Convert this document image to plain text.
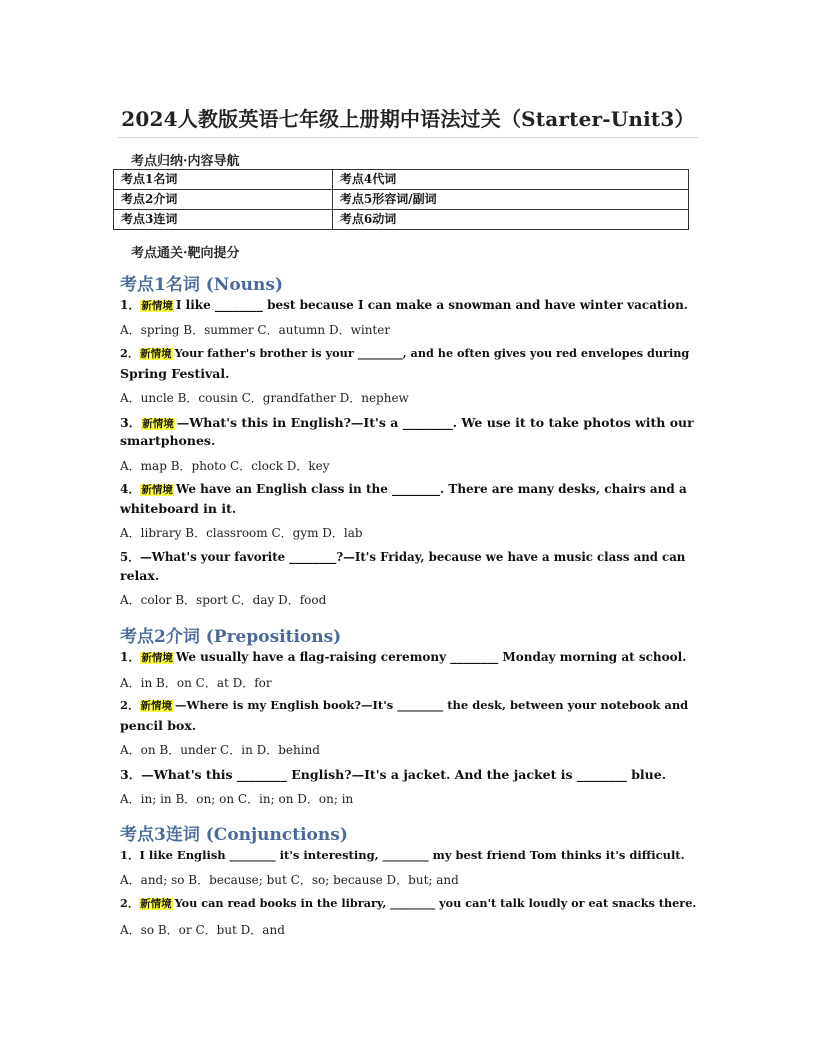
2024人教版英语七年级上册期中语法过关（Starter-Unit3）
考点归纳·内容导航
考点1名词	考点4代词
考点2介词	考点5形容词/副词
考点3连词	考点6动词
考点通关·靶向提分
考点1名词 (Nouns)
1．新情境 I like ________ best because I can make a snowman and have winter vacation.
A．spring B．summer C．autumn D．winter
2．新情境 Your father's brother is your ________, and he often gives you red envelopes during
Spring Festival.
A．uncle B．cousin C．grandfather D．nephew
3．新情境 —What's this in English?—It's a ________. We use it to take photos with our
smartphones.
A．map B．photo C．clock D．key
4．新情境 We have an English class in the ________. There are many desks, chairs and a
whiteboard in it.
A．library B．classroom C．gym D．lab
5．—What's your favorite ________?—It's Friday, because we have a music class and can
relax.
A．color B．sport C．day D．food
考点2介词 (Prepositions)
1．新情境 We usually have a flag-raising ceremony ________ Monday morning at school.
A．in B．on C．at D．for
2．新情境 —Where is my English book?—It's ________ the desk, between your notebook and
pencil box.
A．on B．under C．in D．behind
3．—What's this ________ English?—It's a jacket. And the jacket is ________ blue.
A．in; in B．on; on C．in; on D．on; in
考点3连词 (Conjunctions)
1．I like English ________ it's interesting, ________ my best friend Tom thinks it's difficult.
A．and; so B．because; but C．so; because D．but; and
2．新情境 You can read books in the library, ________ you can't talk loudly or eat snacks there.
A．so B．or C．but D．and
